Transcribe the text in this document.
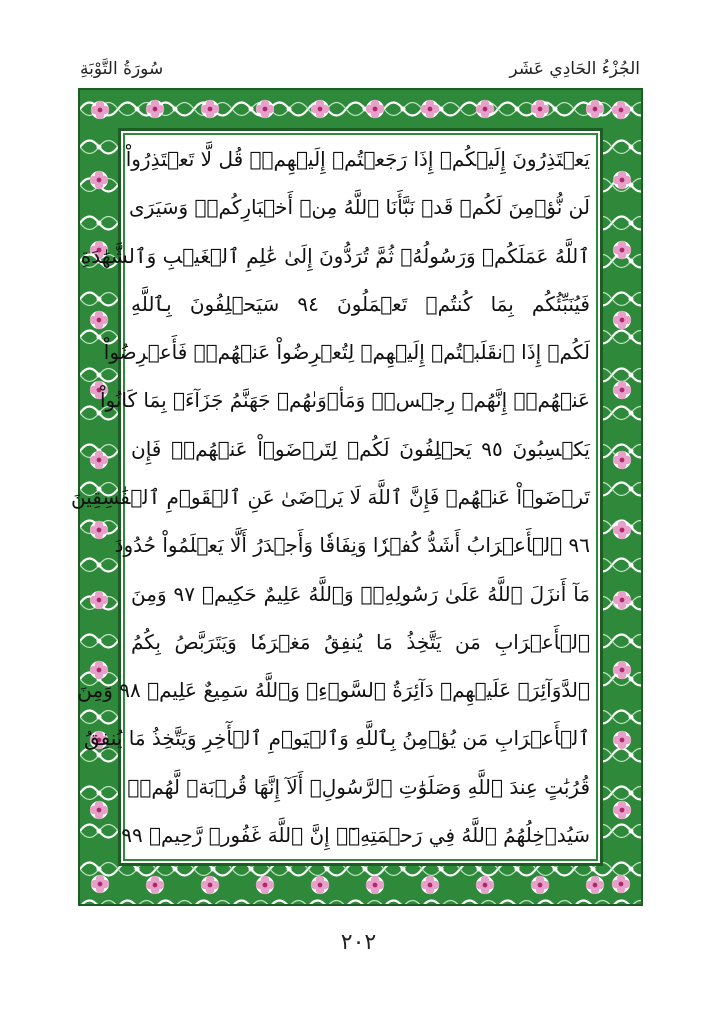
سُورَةُ التَّوْبَةِ	الجُزْءُ الحَادِي عَشَر
يَعۡتَذِرُونَ إِلَيۡكُمۡ إِذَا رَجَعۡتُمۡ إِلَيۡهِمۡۚ قُل لَّا تَعۡتَذِرُواْ
لَن نُّؤۡمِنَ لَكُمۡ قَدۡ نَبَّأَنَا ٱللَّهُ مِنۡ أَخۡبَارِكُمۡۚ وَسَيَرَى
ٱللَّهُ عَمَلَكُمۡ وَرَسُولُهُۥ ثُمَّ تُرَدُّونَ إِلَىٰ عَٰلِمِ ٱلۡغَيۡبِ وَٱلشَّهَٰدَةِ
فَيُنَبِّئُكُم بِمَا كُنتُمۡ تَعۡمَلُونَ ٩٤ سَيَحۡلِفُونَ بِٱللَّهِ
لَكُمۡ إِذَا ٱنقَلَبۡتُمۡ إِلَيۡهِمۡ لِتُعۡرِضُواْ عَنۡهُمۡۖ فَأَعۡرِضُواْ
عَنۡهُمۡۖ إِنَّهُمۡ رِجۡسٞۖ وَمَأۡوَىٰهُمۡ جَهَنَّمُ جَزَآءَۢ بِمَا كَانُواْ
يَكۡسِبُونَ ٩٥ يَحۡلِفُونَ لَكُمۡ لِتَرۡضَوۡاْ عَنۡهُمۡۖ فَإِن
تَرۡضَوۡاْ عَنۡهُمۡ فَإِنَّ ٱللَّهَ لَا يَرۡضَىٰ عَنِ ٱلۡقَوۡمِ ٱلۡفَٰسِقِينَ
٩٦ ٱلۡأَعۡرَابُ أَشَدُّ كُفۡرٗا وَنِفَاقٗا وَأَجۡدَرُ أَلَّا يَعۡلَمُواْ حُدُودَ
مَآ أَنزَلَ ٱللَّهُ عَلَىٰ رَسُولِهِۦۗ وَٱللَّهُ عَلِيمٌ حَكِيمٞ ٩٧ وَمِنَ
ٱلۡأَعۡرَابِ مَن يَتَّخِذُ مَا يُنفِقُ مَغۡرَمٗا وَيَتَرَبَّصُ بِكُمُ
ٱلدَّوَآئِرَۚ عَلَيۡهِمۡ دَآئِرَةُ ٱلسَّوۡءِۗ وَٱللَّهُ سَمِيعٌ عَلِيمٞ ٩٨ وَمِنَ
ٱلۡأَعۡرَابِ مَن يُؤۡمِنُ بِٱللَّهِ وَٱلۡيَوۡمِ ٱلۡأٓخِرِ وَيَتَّخِذُ مَا يُنفِقُ
قُرُبَٰتٍ عِندَ ٱللَّهِ وَصَلَوَٰتِ ٱلرَّسُولِۚ أَلَآ إِنَّهَا قُرۡبَةٞ لَّهُمۡۚ
سَيُدۡخِلُهُمُ ٱللَّهُ فِي رَحۡمَتِهِۦٓۚ إِنَّ ٱللَّهَ غَفُورٞ رَّحِيمٞ ٩٩
٢٠٢
